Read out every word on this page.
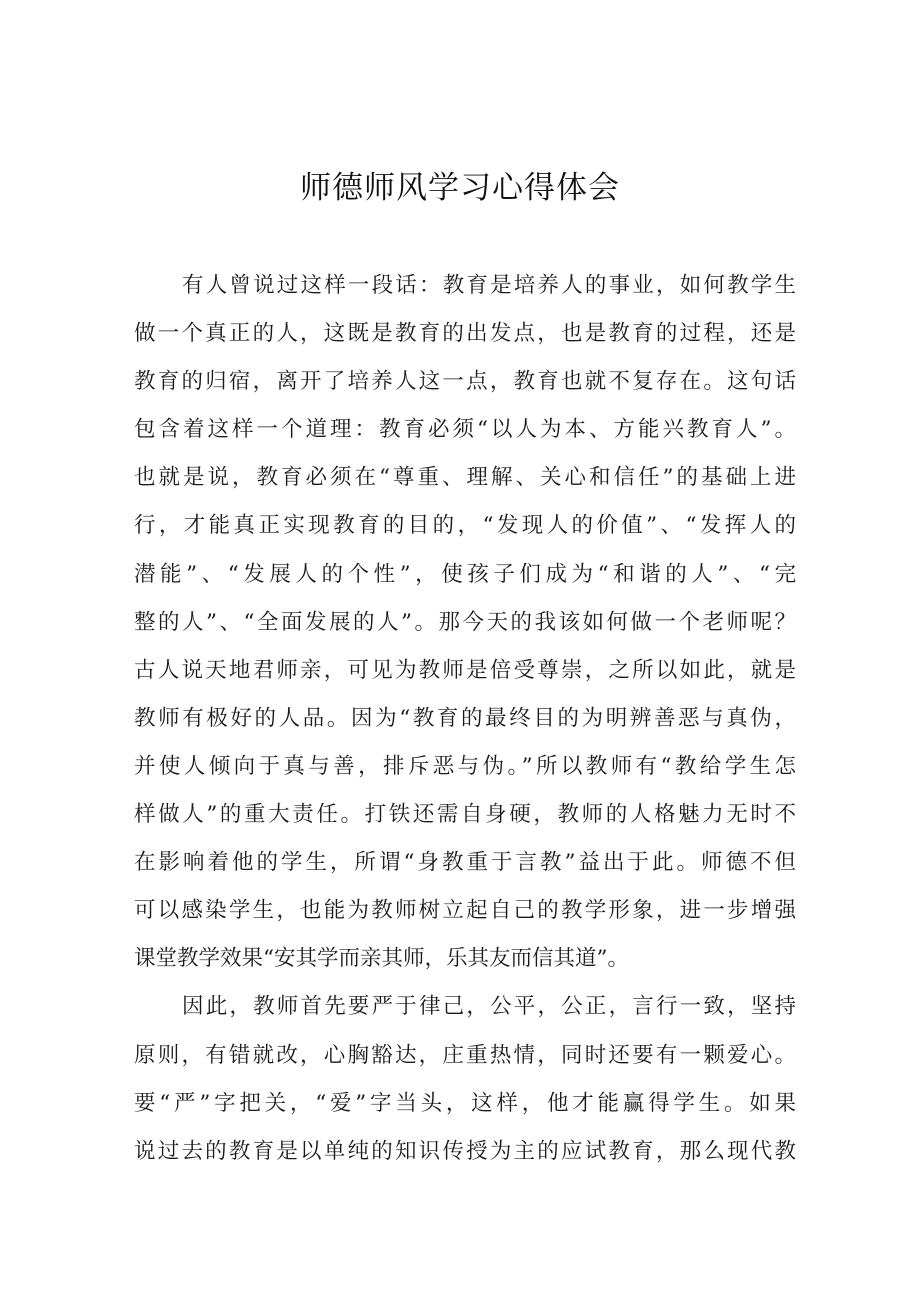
师德师风学习心得体会
有人曾说过这样一段话：教育是培养人的事业，如何教学生
做一个真正的人，这既是教育的出发点，也是教育的过程，还是
教育的归宿，离开了培养人这一点，教育也就不复存在。这句话
包含着这样一个道理：教育必须“以人为本、方能兴教育人”。
也就是说，教育必须在“尊重、理解、关心和信任”的基础上进
行，才能真正实现教育的目的，“发现人的价值”、“发挥人的
潜能”、“发展人的个性”，使孩子们成为“和谐的人”、“完
整的人”、“全面发展的人”。那今天的我该如何做一个老师呢？
古人说天地君师亲，可见为教师是倍受尊崇，之所以如此，就是
教师有极好的人品。因为“教育的最终目的为明辨善恶与真伪，
并使人倾向于真与善，排斥恶与伪。”所以教师有“教给学生怎
样做人”的重大责任。打铁还需自身硬，教师的人格魅力无时不
在影响着他的学生，所谓“身教重于言教”益出于此。师德不但
可以感染学生，也能为教师树立起自己的教学形象，进一步增强
课堂教学效果“安其学而亲其师，乐其友而信其道”。
因此，教师首先要严于律己，公平，公正，言行一致，坚持
原则，有错就改，心胸豁达，庄重热情，同时还要有一颗爱心。
要“严”字把关，“爱”字当头，这样，他才能赢得学生。如果
说过去的教育是以单纯的知识传授为主的应试教育，那么现代教
